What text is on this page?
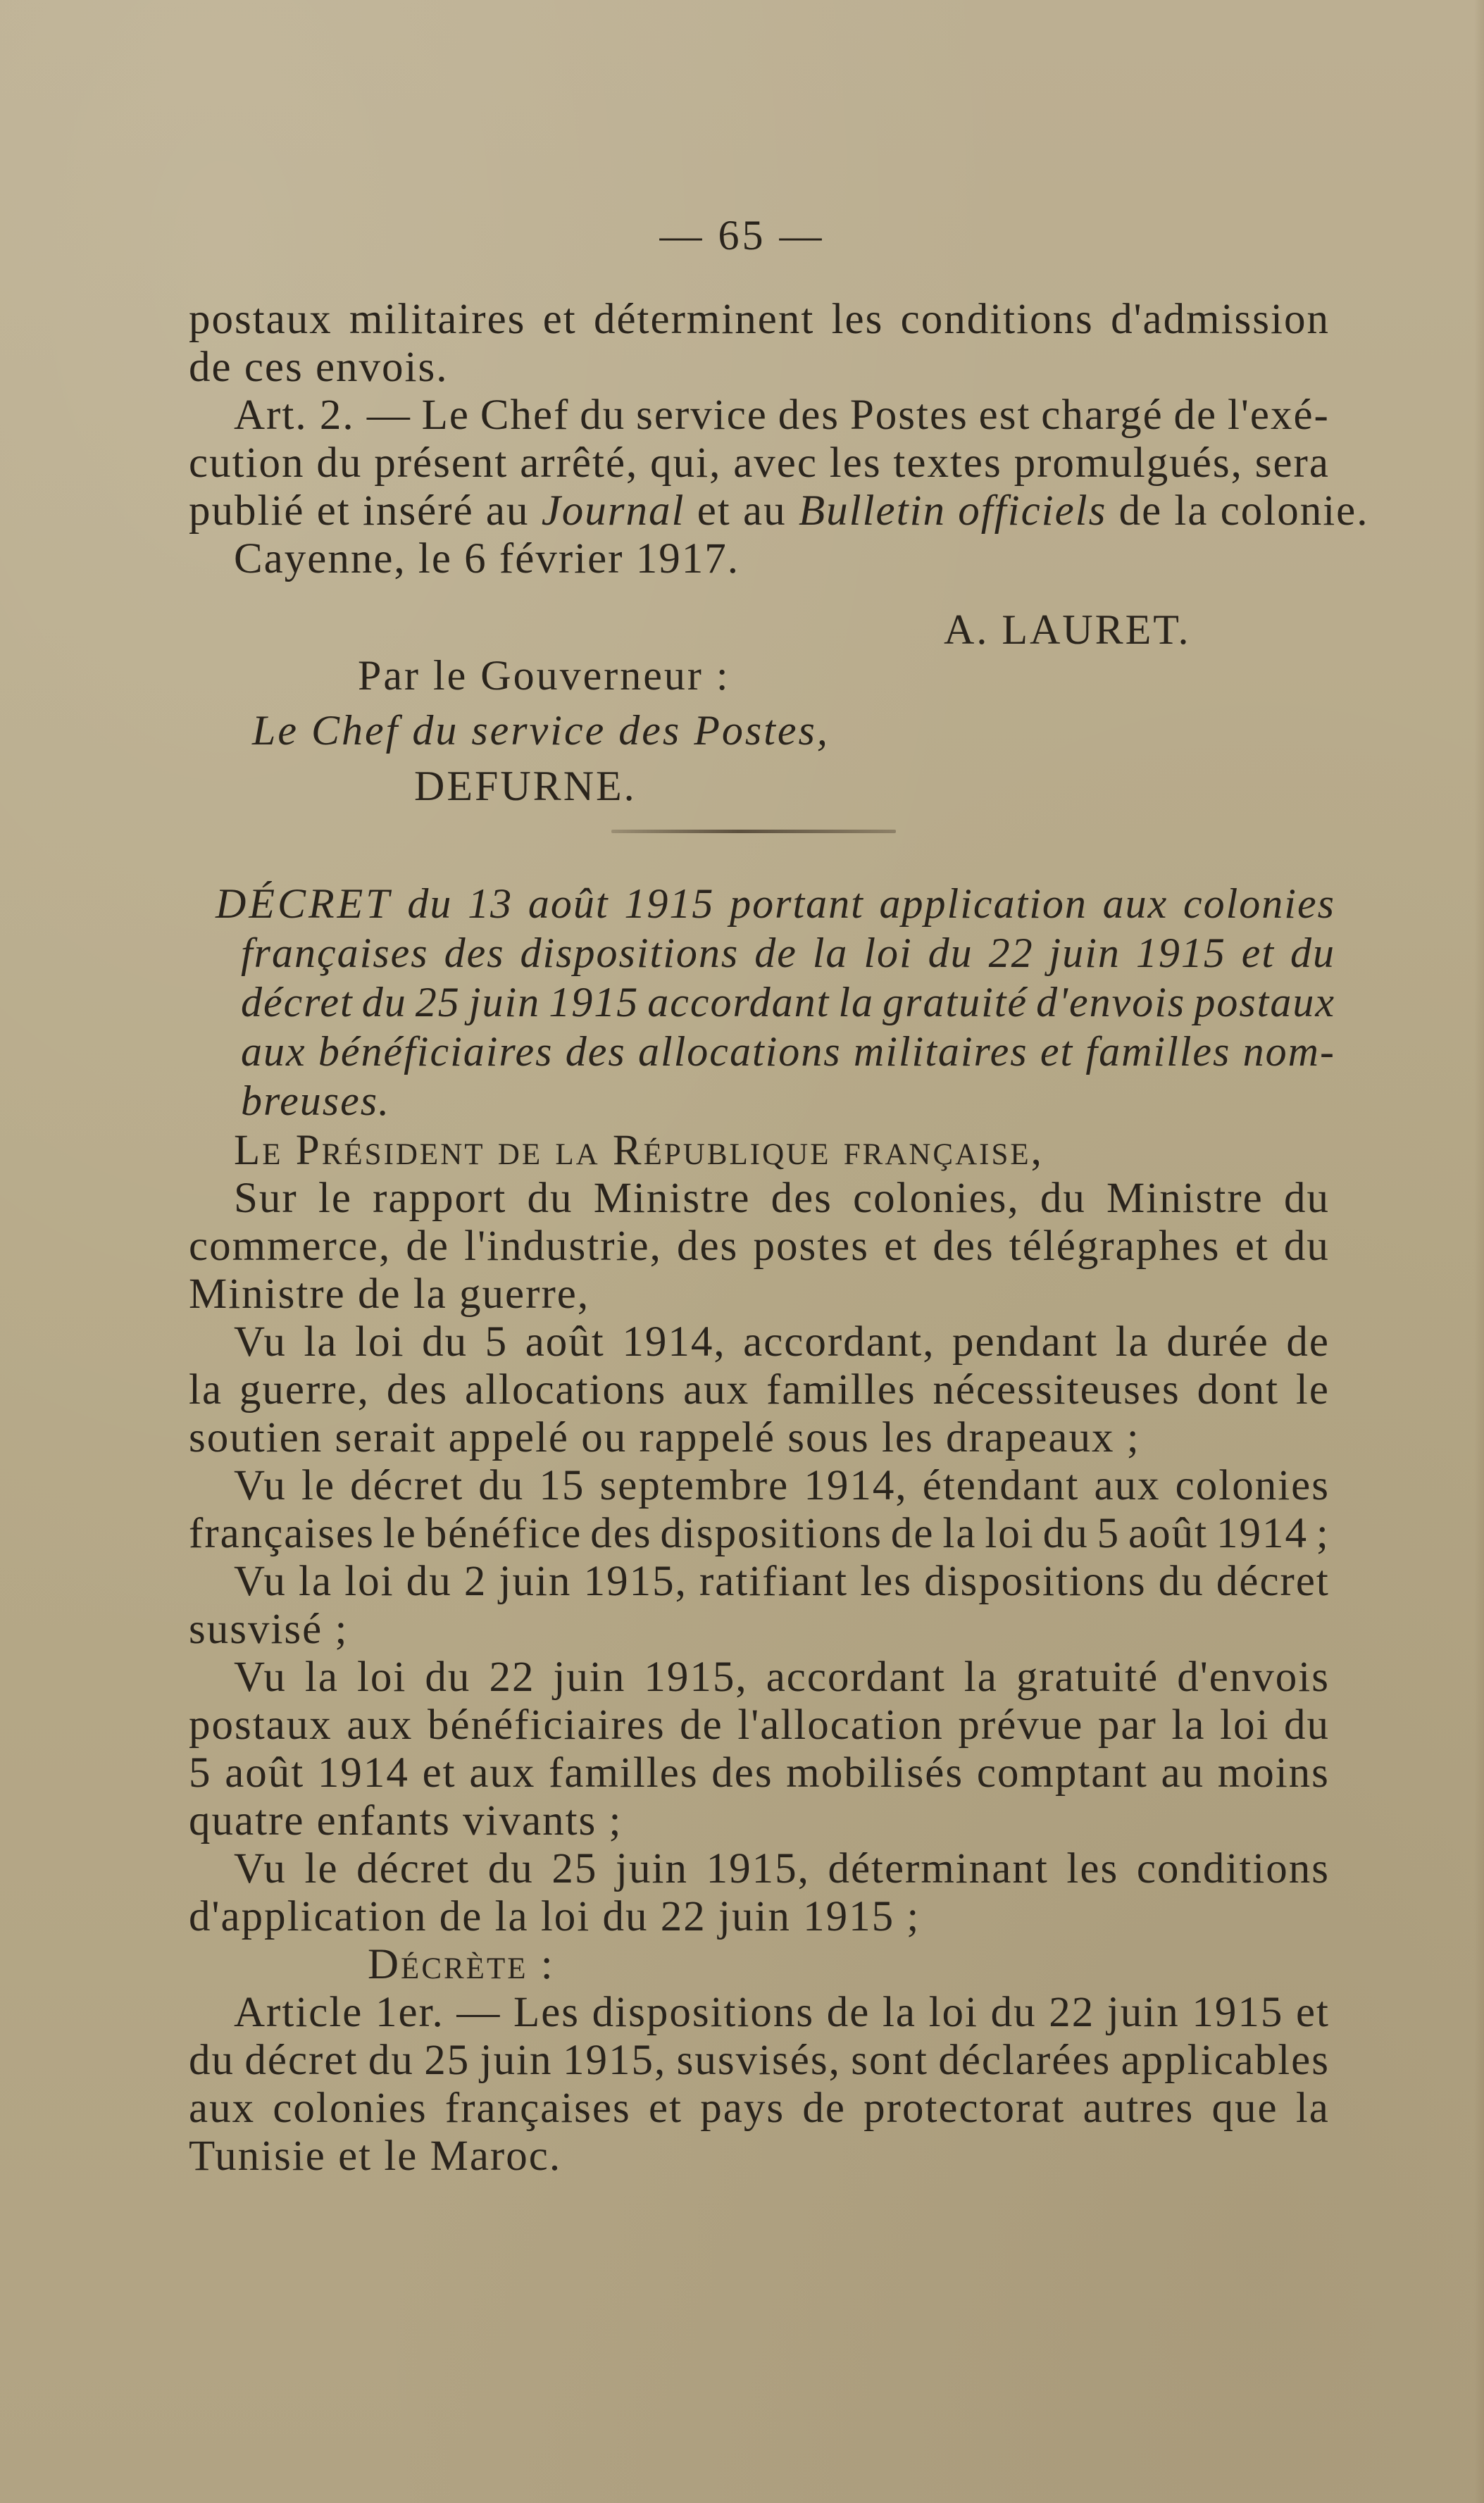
— 65 —
postaux militaires et déterminent les conditions d'admission
de ces envois.
Art. 2. — Le Chef du service des Postes est chargé de l'exé-
cution du présent arrêté, qui, avec les textes promulgués, sera
publié et inséré au Journal et au Bulletin officiels de la colonie.
Cayenne, le 6 février 1917.
A. LAURET.
Par le Gouverneur :
Le Chef du service des Postes,
DEFURNE.
DÉCRET du 13 août 1915 portant application aux colonies
françaises des dispositions de la loi du 22 juin 1915 et du
décret du 25 juin 1915 accordant la gratuité d'envois postaux
aux bénéficiaires des allocations militaires et familles nom-
breuses.
Le Président de la République française,
Sur le rapport du Ministre des colonies, du Ministre du
commerce, de l'industrie, des postes et des télégraphes et du
Ministre de la guerre,
Vu la loi du 5 août 1914, accordant, pendant la durée de
la guerre, des allocations aux familles nécessiteuses dont le
soutien serait appelé ou rappelé sous les drapeaux ;
Vu le décret du 15 septembre 1914, étendant aux colonies
françaises le bénéfice des dispositions de la loi du 5 août 1914 ;
Vu la loi du 2 juin 1915, ratifiant les dispositions du décret
susvisé ;
Vu la loi du 22 juin 1915, accordant la gratuité d'envois
postaux aux bénéficiaires de l'allocation prévue par la loi du
5 août 1914 et aux familles des mobilisés comptant au moins
quatre enfants vivants ;
Vu le décret du 25 juin 1915, déterminant les conditions
d'application de la loi du 22 juin 1915 ;
Décrète :
Article 1er. — Les dispositions de la loi du 22 juin 1915 et
du décret du 25 juin 1915, susvisés, sont déclarées applicables
aux colonies françaises et pays de protectorat autres que la
Tunisie et le Maroc.
